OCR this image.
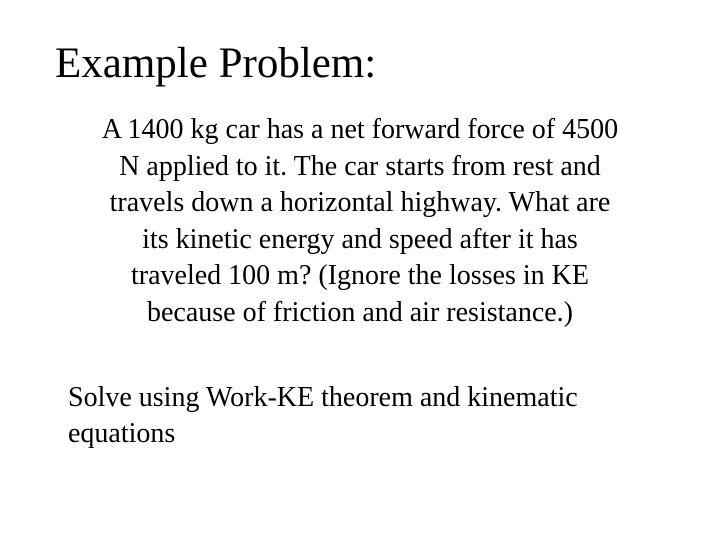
Example Problem:
A 1400 kg car has a net forward force of 4500
N applied to it. The car starts from rest and
travels down a horizontal highway. What are
its kinetic energy and speed after it has
traveled 100 m? (Ignore the losses in KE
because of friction and air resistance.)
Solve using Work-KE theorem and kinematic
equations
